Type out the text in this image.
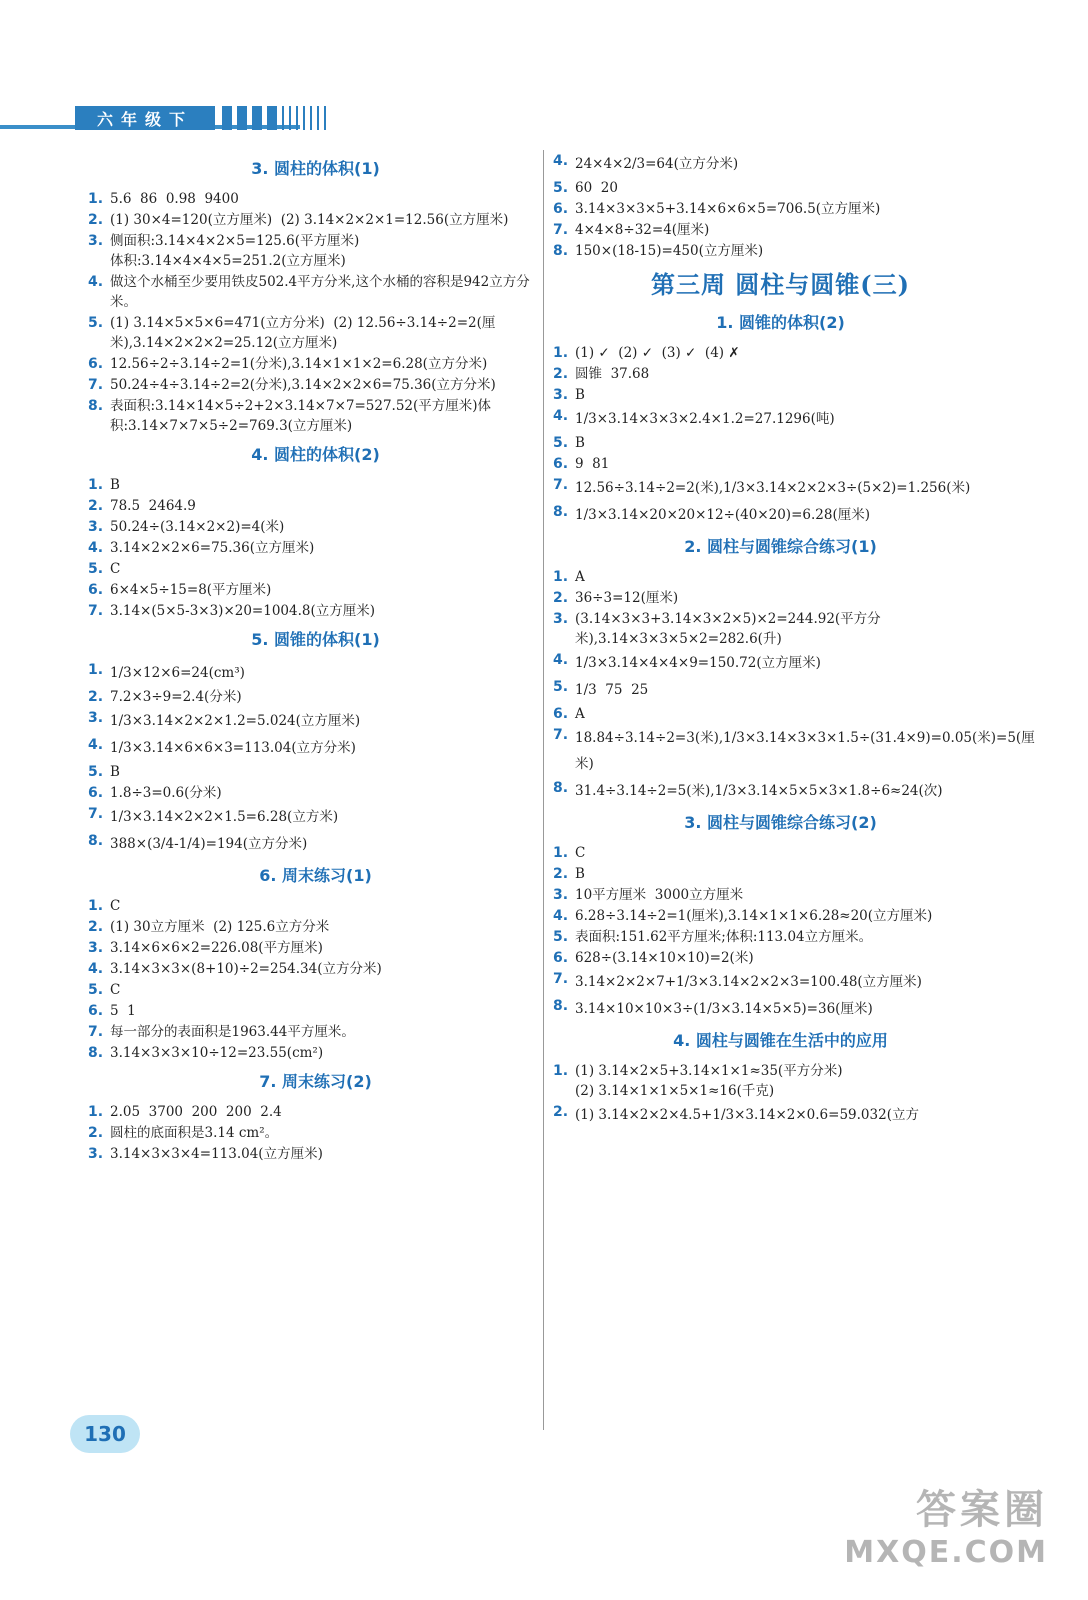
六年级下
3. 圆柱的体积(1)
1. 5.6  86  0.98  9400
2. (1) 30×4=120(立方厘米)  (2) 3.14×2×2×1=12.56(立方厘米)
3. 侧面积:3.14×4×2×5=125.6(平方厘米)
体积:3.14×4×4×5=251.2(立方厘米)
4. 做这个水桶至少要用铁皮502.4平方分米,这个水桶的容积是942立方分米。
5. (1) 3.14×5×5×6=471(立方分米)  (2) 12.56÷3.14÷2=2(厘米),3.14×2×2×2=25.12(立方厘米)
6. 12.56÷2÷3.14÷2=1(分米),3.14×1×1×2=6.28(立方分米)
7. 50.24÷4÷3.14÷2=2(分米),3.14×2×2×6=75.36(立方分米)
8. 表面积:3.14×14×5÷2+2×3.14×7×7=527.52(平方厘米)体积:3.14×7×7×5÷2=769.3(立方厘米)
4. 圆柱的体积(2)
1. B
2. 78.5  2464.9
3. 50.24÷(3.14×2×2)=4(米)
4. 3.14×2×2×6=75.36(立方厘米)
5. C
6. 6×4×5÷15=8(平方厘米)
7. 3.14×(5×5-3×3)×20=1004.8(立方厘米)
5. 圆锥的体积(1)
1. 1/3×12×6=24(cm³)
2. 7.2×3÷9=2.4(分米)
3. 1/3×3.14×2×2×1.2=5.024(立方厘米)
4. 1/3×3.14×6×6×3=113.04(立方分米)
5. B
6. 1.8÷3=0.6(分米)
7. 1/3×3.14×2×2×1.5=6.28(立方米)
8. 388×(3/4-1/4)=194(立方分米)
6. 周末练习(1)
1. C
2. (1) 30立方厘米  (2) 125.6立方分米
3. 3.14×6×6×2=226.08(平方厘米)
4. 3.14×3×3×(8+10)÷2=254.34(立方分米)
5. C
6. 5  1
7. 每一部分的表面积是1963.44平方厘米。
8. 3.14×3×3×10÷12=23.55(cm²)
7. 周末练习(2)
1. 2.05  3700  200  200  2.4
2. 圆柱的底面积是3.14 cm²。
3. 3.14×3×3×4=113.04(立方厘米)
4. 24×4×2/3=64(立方分米)
5. 60  20
6. 3.14×3×3×5+3.14×6×6×5=706.5(立方厘米)
7. 4×4×8÷32=4(厘米)
8. 150×(18-15)=450(立方厘米)
第三周 圆柱与圆锥(三)
1. 圆锥的体积(2)
1. (1) ✓  (2) ✓  (3) ✓  (4) ✗
2. 圆锥  37.68
3. B
4. 1/3×3.14×3×3×2.4×1.2=27.1296(吨)
5. B
6. 9  81
7. 12.56÷3.14÷2=2(米),1/3×3.14×2×2×3÷(5×2)=1.256(米)
8. 1/3×3.14×20×20×12÷(40×20)=6.28(厘米)
2. 圆柱与圆锥综合练习(1)
1. A
2. 36÷3=12(厘米)
3. (3.14×3×3+3.14×3×2×5)×2=244.92(平方分米),3.14×3×3×5×2=282.6(升)
4. 1/3×3.14×4×4×9=150.72(立方厘米)
5. 1/3  75  25
6. A
7. 18.84÷3.14÷2=3(米),1/3×3.14×3×3×1.5÷(31.4×9)=0.05(米)=5(厘米)
8. 31.4÷3.14÷2=5(米),1/3×3.14×5×5×3×1.8÷6≈24(次)
3. 圆柱与圆锥综合练习(2)
1. C
2. B
3. 10平方厘米  3000立方厘米
4. 6.28÷3.14÷2=1(厘米),3.14×1×1×6.28≈20(立方厘米)
5. 表面积:151.62平方厘米;体积:113.04立方厘米。
6. 628÷(3.14×10×10)=2(米)
7. 3.14×2×2×7+1/3×3.14×2×2×3=100.48(立方厘米)
8. 3.14×10×10×3÷(1/3×3.14×5×5)=36(厘米)
4. 圆柱与圆锥在生活中的应用
1. (1) 3.14×2×5+3.14×1×1≈35(平方分米)
(2) 3.14×1×1×5×1≈16(千克)
2. (1) 3.14×2×2×4.5+1/3×3.14×2×0.6=59.032(立方
130
答案圈
MXQE.COM
